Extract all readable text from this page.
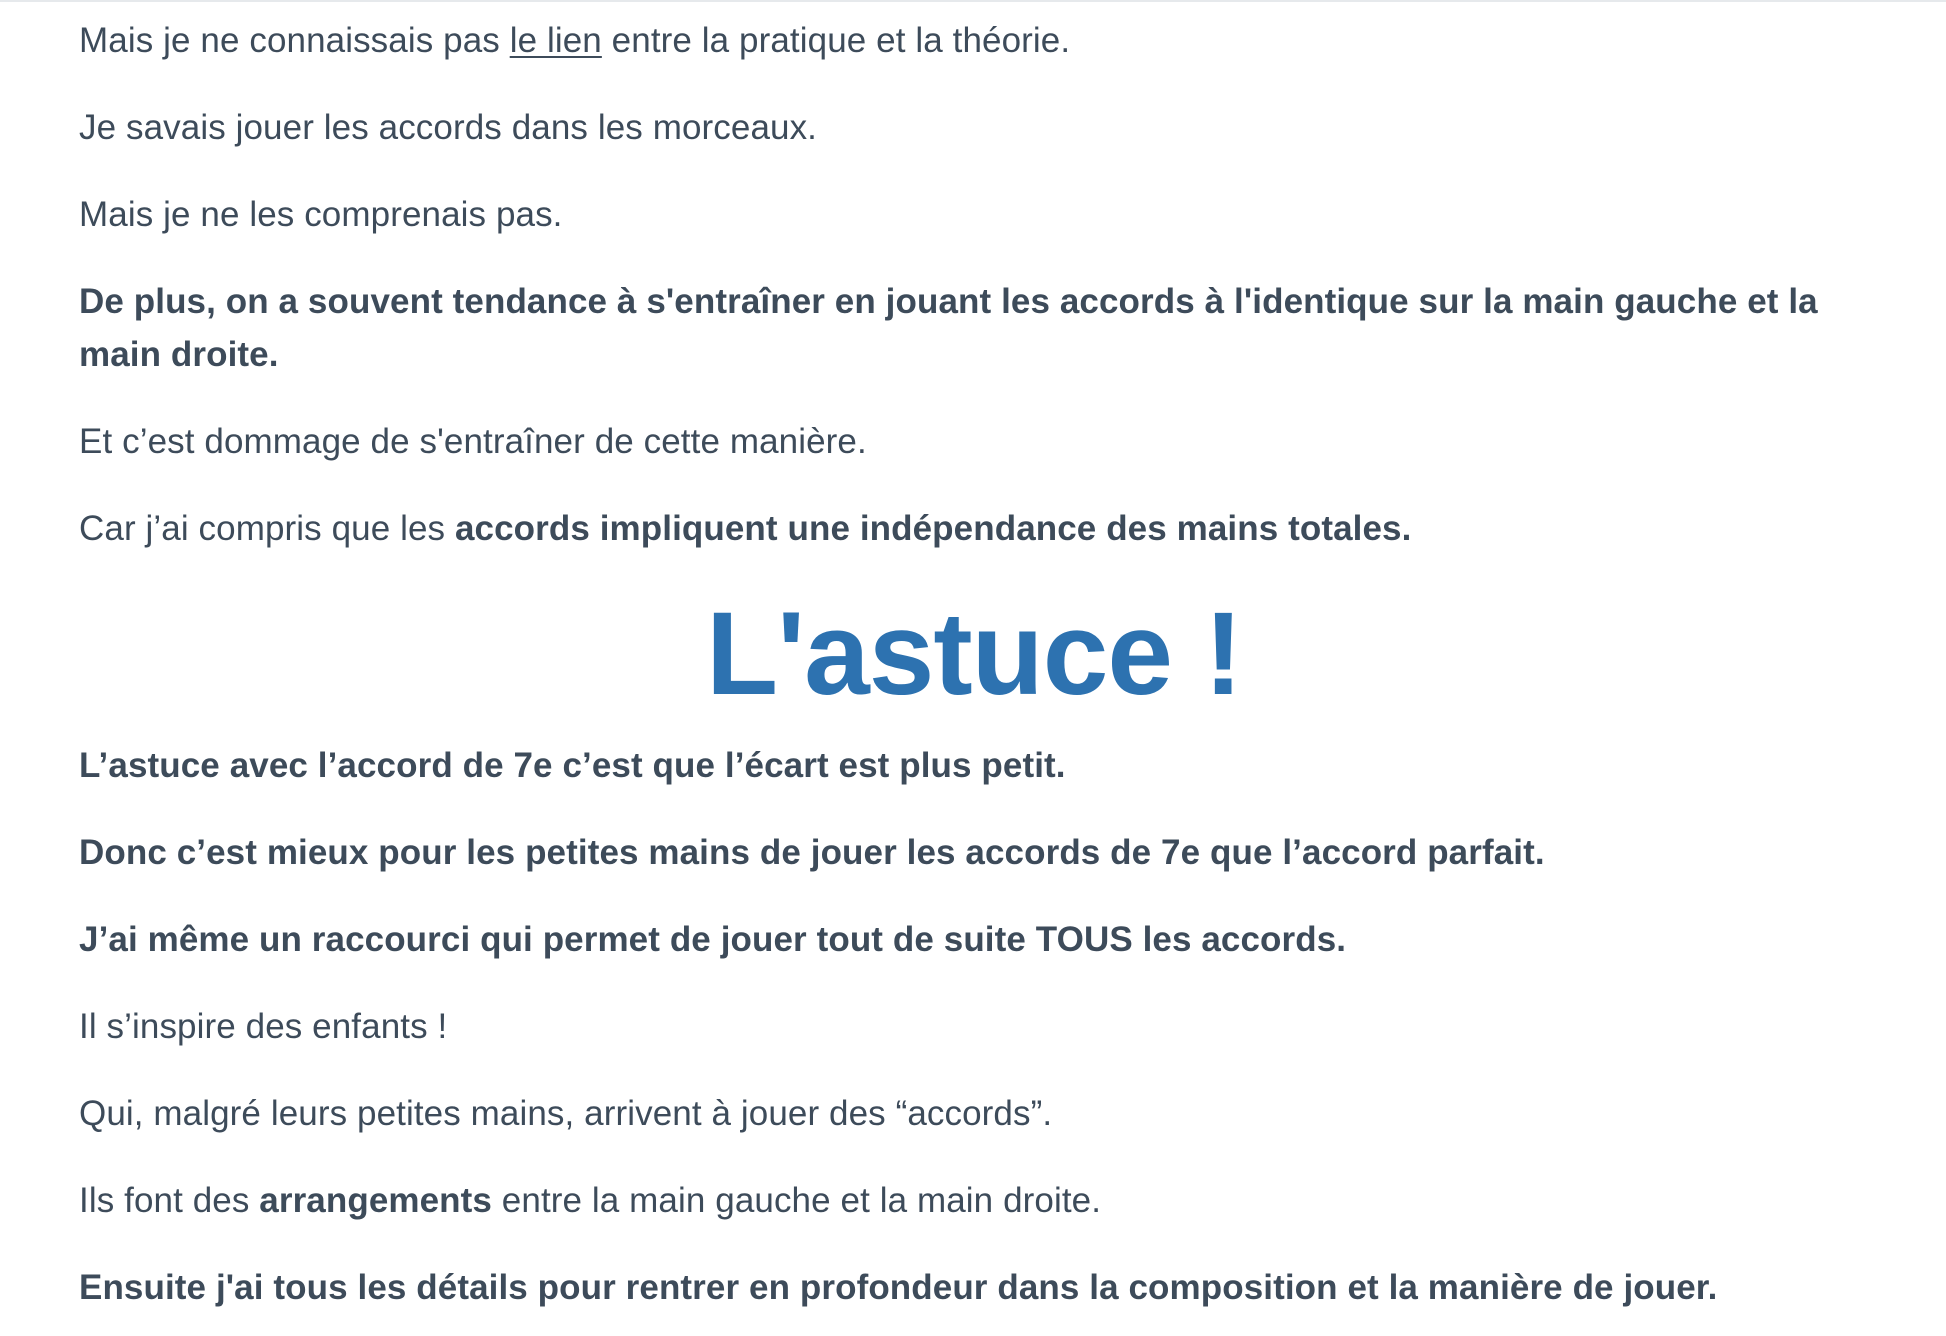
Mais je ne connaissais pas le lien entre la pratique et la théorie.

Je savais jouer les accords dans les morceaux.

Mais je ne les comprenais pas.

De plus, on a souvent tendance à s'entraîner en jouant les accords à l'identique sur la main gauche et la main droite.

Et c’est dommage de s'entraîner de cette manière.

Car j’ai compris que les accords impliquent une indépendance des mains totales.

L'astuce !

L’astuce avec l’accord de 7e c’est que l’écart est plus petit.

Donc c’est mieux pour les petites mains de jouer les accords de 7e que l’accord parfait.

J’ai même un raccourci qui permet de jouer tout de suite TOUS les accords.

Il s’inspire des enfants !

Qui, malgré leurs petites mains, arrivent à jouer des “accords”.

Ils font des arrangements entre la main gauche et la main droite.

Ensuite j'ai tous les détails pour rentrer en profondeur dans la composition et la manière de jouer.
